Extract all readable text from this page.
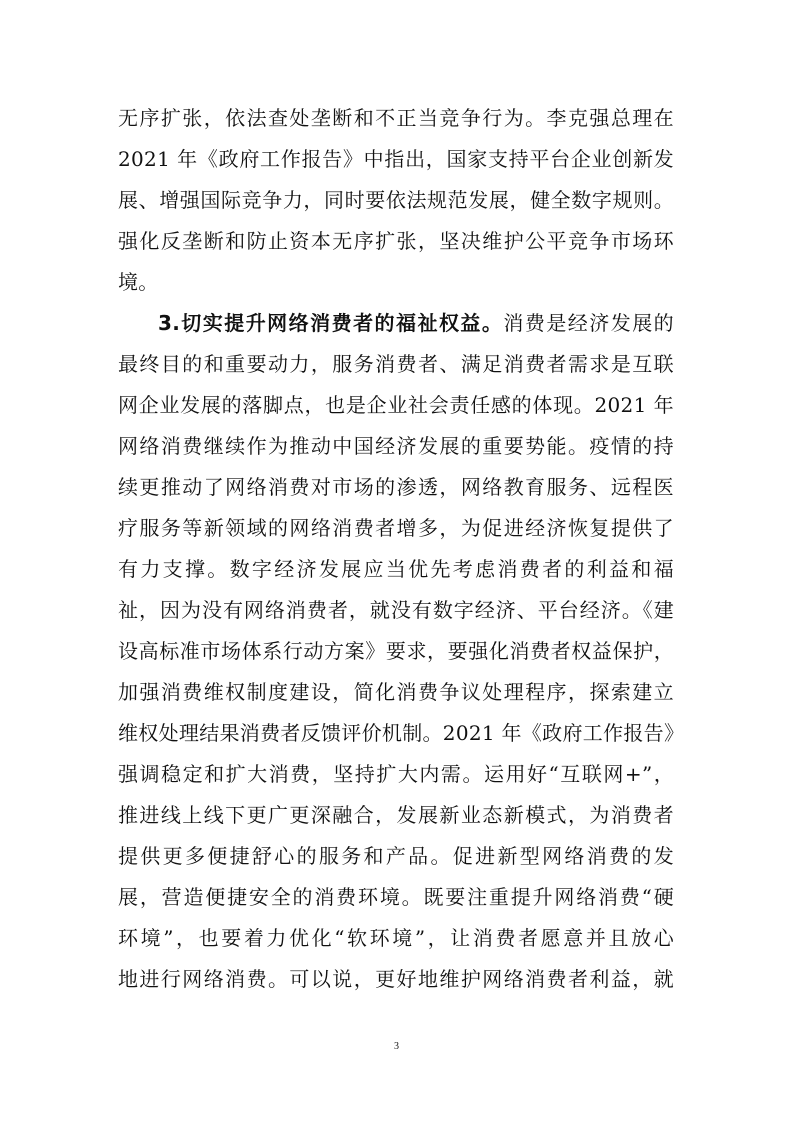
无序扩张，依法查处垄断和不正当竞争行为。李克强总理在
2021 年《政府工作报告》中指出，国家支持平台企业创新发
展、增强国际竞争力，同时要依法规范发展，健全数字规则。
强化反垄断和防止资本无序扩张，坚决维护公平竞争市场环
境。
3.切实提升网络消费者的福祉权益。消费是经济发展的
最终目的和重要动力，服务消费者、满足消费者需求是互联
网企业发展的落脚点，也是企业社会责任感的体现。2021 年
网络消费继续作为推动中国经济发展的重要势能。疫情的持
续更推动了网络消费对市场的渗透，网络教育服务、远程医
疗服务等新领域的网络消费者增多，为促进经济恢复提供了
有力支撑。数字经济发展应当优先考虑消费者的利益和福
祉，因为没有网络消费者，就没有数字经济、平台经济。《建
设高标准市场体系行动方案》要求，要强化消费者权益保护，
加强消费维权制度建设，简化消费争议处理程序，探索建立
维权处理结果消费者反馈评价机制。2021 年《政府工作报告》
强调稳定和扩大消费，坚持扩大内需。运用好“互联网+”，
推进线上线下更广更深融合，发展新业态新模式，为消费者
提供更多便捷舒心的服务和产品。促进新型网络消费的发
展，营造便捷安全的消费环境。既要注重提升网络消费“硬
环境”，也要着力优化“软环境”，让消费者愿意并且放心
地进行网络消费。可以说，更好地维护网络消费者利益，就
3
